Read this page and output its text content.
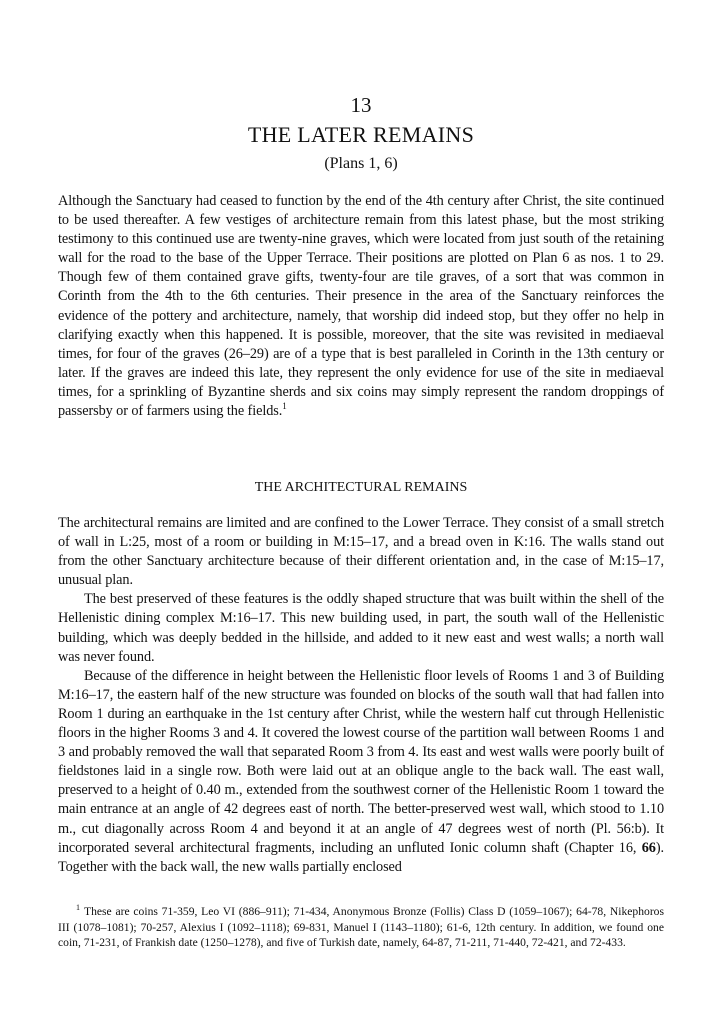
13
THE LATER REMAINS
(Plans 1, 6)

Although the Sanctuary had ceased to function by the end of the 4th century after Christ, the site continued to be used thereafter. A few vestiges of architecture remain from this latest phase, but the most striking testimony to this continued use are twenty-nine graves, which were located from just south of the retaining wall for the road to the base of the Upper Terrace. Their positions are plotted on Plan 6 as nos. 1 to 29. Though few of them contained grave gifts, twenty-four are tile graves, of a sort that was common in Corinth from the 4th to the 6th centuries. Their presence in the area of the Sanctuary reinforces the evidence of the pottery and architecture, namely, that worship did indeed stop, but they offer no help in clarifying exactly when this happened. It is possible, moreover, that the site was revisited in mediaeval times, for four of the graves (26–29) are of a type that is best paralleled in Corinth in the 13th century or later. If the graves are indeed this late, they represent the only evidence for use of the site in mediaeval times, for a sprinkling of Byzantine sherds and six coins may simply represent the random droppings of passersby or of farmers using the fields.$^1$

THE ARCHITECTURAL REMAINS

The architectural remains are limited and are confined to the Lower Terrace. They consist of a small stretch of wall in L:25, most of a room or building in M:15–17, and a bread oven in K:16. The walls stand out from the other Sanctuary architecture because of their different orientation and, in the case of M:15–17, unusual plan.

The best preserved of these features is the oddly shaped structure that was built within the shell of the Hellenistic dining complex M:16–17. This new building used, in part, the south wall of the Hellenistic building, which was deeply bedded in the hillside, and added to it new east and west walls; a north wall was never found.

Because of the difference in height between the Hellenistic floor levels of Rooms 1 and 3 of Building M:16–17, the eastern half of the new structure was founded on blocks of the south wall that had fallen into Room 1 during an earthquake in the 1st century after Christ, while the western half cut through Hellenistic floors in the higher Rooms 3 and 4. It covered the lowest course of the partition wall between Rooms 1 and 3 and probably removed the wall that separated Room 3 from 4. Its east and west walls were poorly built of fieldstones laid in a single row. Both were laid out at an oblique angle to the back wall. The east wall, preserved to a height of 0.40 m., extended from the southwest corner of the Hellenistic Room 1 toward the main entrance at an angle of 42 degrees east of north. The better-preserved west wall, which stood to 1.10 m., cut diagonally across Room 4 and beyond it at an angle of 47 degrees west of north (Pl. 56:b). It incorporated several architectural fragments, including an unfluted Ionic column shaft (Chapter 16, 66). Together with the back wall, the new walls partially enclosed

$^1$ These are coins 71-359, Leo VI (886–911); 71-434, Anonymous Bronze (Follis) Class D (1059–1067); 64-78, Nikephoros III (1078–1081); 70-257, Alexius I (1092–1118); 69-831, Manuel I (1143–1180); 61-6, 12th century. In addition, we found one coin, 71-231, of Frankish date (1250–1278), and five of Turkish date, namely, 64-87, 71-211, 71-440, 72-421, and 72-433.
